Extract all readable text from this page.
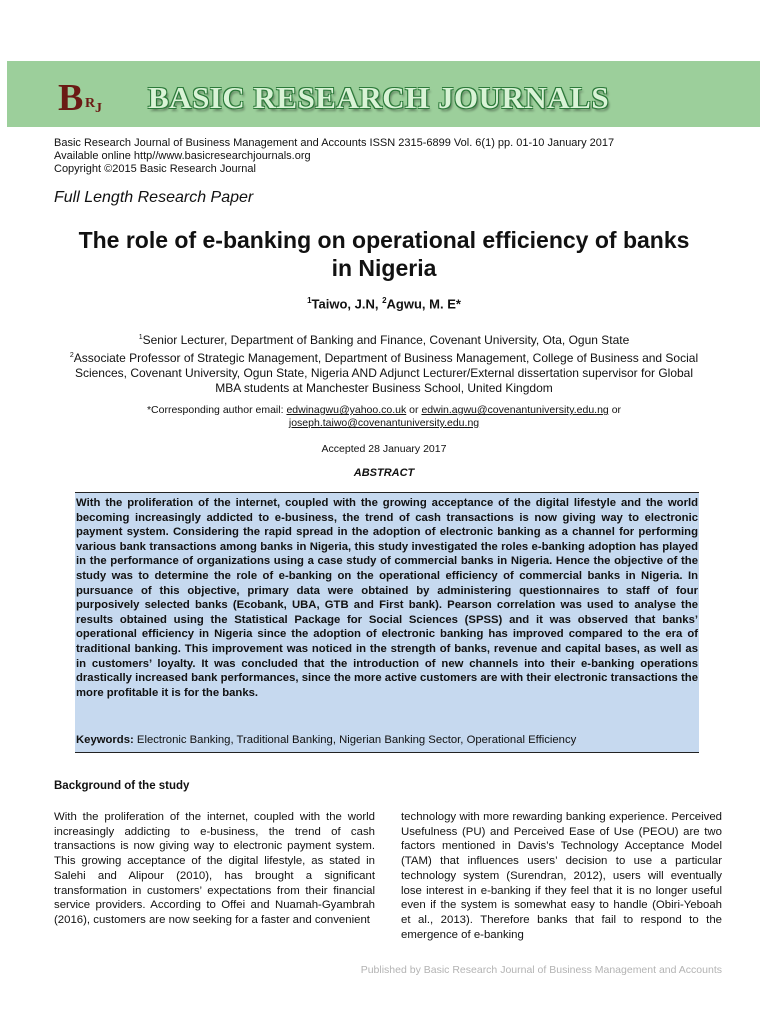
B R J BASIC RESEARCH JOURNALS
Basic Research Journal of Business Management and Accounts ISSN 2315-6899 Vol. 6(1) pp. 01-10 January 2017
Available online http//www.basicresearchjournals.org
Copyright ©2015 Basic Research Journal
Full Length Research Paper
The role of e-banking on operational efficiency of banks
in Nigeria
$^1$Taiwo, J.N, $^2$Agwu, M. E*
$^1$Senior Lecturer, Department of Banking and Finance, Covenant University, Ota, Ogun State
$^2$Associate Professor of Strategic Management, Department of Business Management, College of Business and Social
Sciences, Covenant University, Ogun State, Nigeria AND Adjunct Lecturer/External dissertation supervisor for Global
MBA students at Manchester Business School, United Kingdom
*Corresponding author email: edwinagwu@yahoo.co.uk or edwin.agwu@covenantuniversity.edu.ng or
joseph.taiwo@covenantuniversity.edu.ng
Accepted 28 January 2017
ABSTRACT
With the proliferation of the internet, coupled with the growing acceptance of the digital lifestyle and the world becoming increasingly addicted to e-business, the trend of cash transactions is now giving way to electronic payment system. Considering the rapid spread in the adoption of electronic banking as a channel for performing various bank transactions among banks in Nigeria, this study investigated the roles e-banking adoption has played in the performance of organizations using a case study of commercial banks in Nigeria. Hence the objective of the study was to determine the role of e-banking on the operational efficiency of commercial banks in Nigeria. In pursuance of this objective, primary data were obtained by administering questionnaires to staff of four purposively selected banks (Ecobank, UBA, GTB and First bank). Pearson correlation was used to analyse the results obtained using the Statistical Package for Social Sciences (SPSS) and it was observed that banks’ operational efficiency in Nigeria since the adoption of electronic banking has improved compared to the era of traditional banking. This improvement was noticed in the strength of banks, revenue and capital bases, as well as in customers’ loyalty. It was concluded that the introduction of new channels into their e-banking operations drastically increased bank performances, since the more active customers are with their electronic transactions the more profitable it is for the banks.
Keywords: Electronic Banking, Traditional Banking, Nigerian Banking Sector, Operational Efficiency
Background of the study
With the proliferation of the internet, coupled with the world increasingly addicting to e-business, the trend of cash transactions is now giving way to electronic payment system. This growing acceptance of the digital lifestyle, as stated in Salehi and Alipour (2010), has brought a significant transformation in customers’ expectations from their financial service providers. According to Offei and Nuamah-Gyambrah (2016), customers are now seeking for a faster and convenient
technology with more rewarding banking experience. Perceived Usefulness (PU) and Perceived Ease of Use (PEOU) are two factors mentioned in Davis’s Technology Acceptance Model (TAM) that influences users’ decision to use a particular technology system (Surendran, 2012), users will eventually lose interest in e-banking if they feel that it is no longer useful even if the system is somewhat easy to handle (Obiri-Yeboah et al., 2013). Therefore banks that fail to respond to the emergence of e-banking
Published by Basic Research Journal of Business Management and Accounts
